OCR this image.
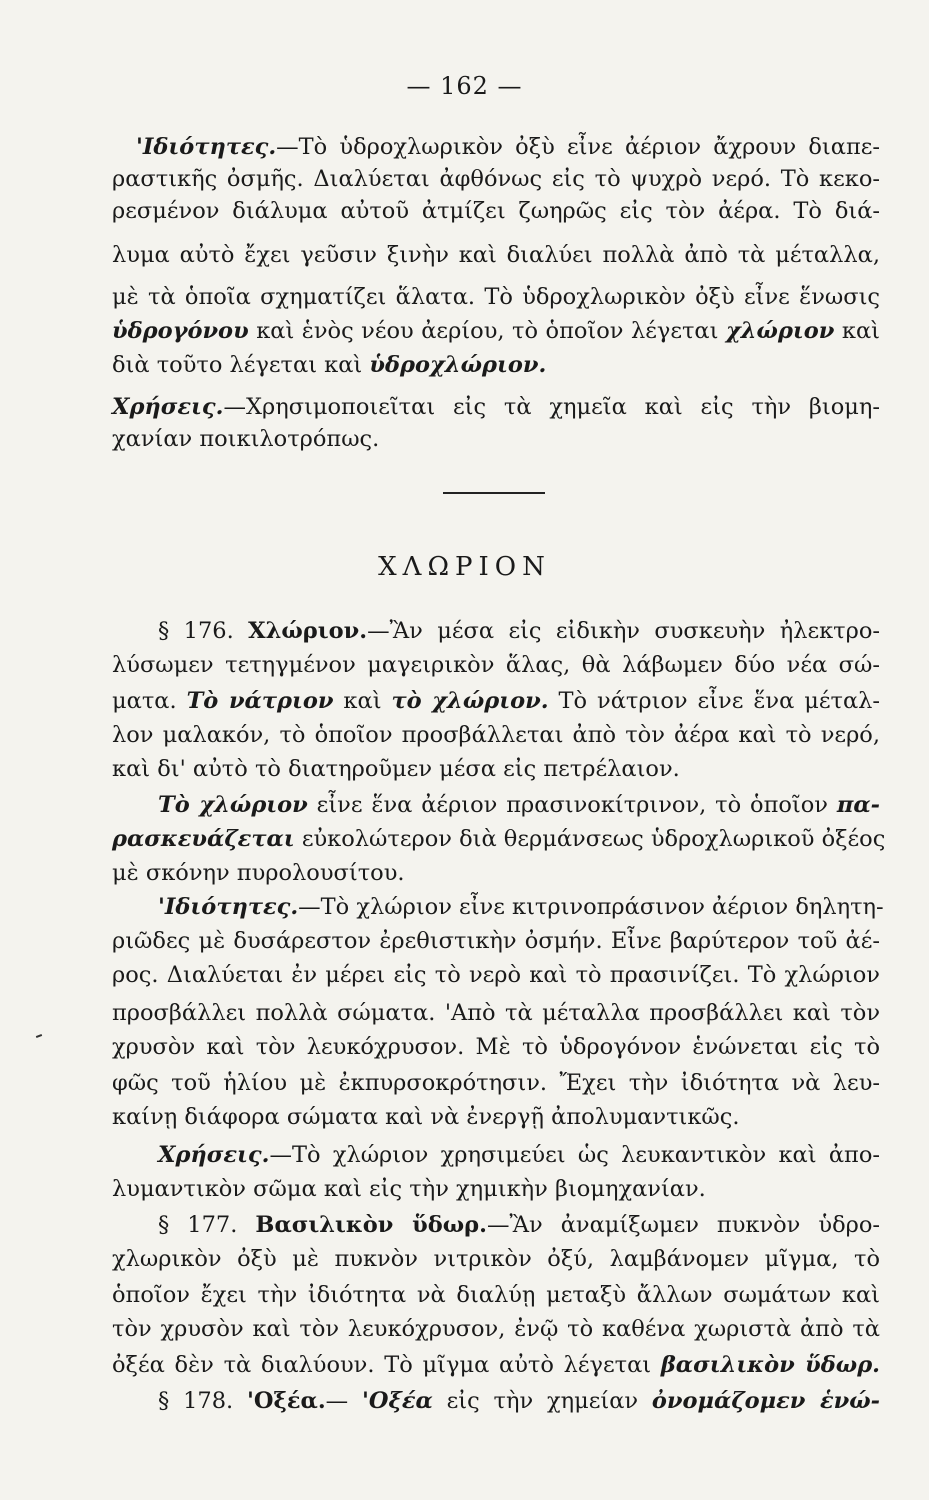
— 162 —
'Ιδιότητες.—Τὸ ὑδροχλωρικὸν ὀξὺ εἶνε ἀέριον ἄχρουν διαπε-
ραστικῆς ὀσμῆς. Διαλύεται ἀφθόνως εἰς τὸ ψυχρὸ νερό. Τὸ κεκο-
ρεσμένον διάλυμα αὐτοῦ ἀτμίζει ζωηρῶς εἰς τὸν ἀέρα. Τὸ διά-
λυμα αὐτὸ ἔχει γεῦσιν ξινὴν καὶ διαλύει πολλὰ ἀπὸ τὰ μέταλλα,
μὲ τὰ ὁποῖα σχηματίζει ἅλατα. Τὸ ὑδροχλωρικὸν ὀξὺ εἶνε ἕνωσις
ὑδρογόνου καὶ ἑνὸς νέου ἀερίου, τὸ ὁποῖον λέγεται χλώριον καὶ
διὰ τοῦτο λέγεται καὶ ὑδροχλώριον.
Χρήσεις.—Χρησιμοποιεῖται εἰς τὰ χημεῖα καὶ εἰς τὴν βιομη-
χανίαν ποικιλοτρόπως.
ΧΛΩΡΙΟΝ
§ 176. Χλώριον.—Ἂν μέσα εἰς εἰδικὴν συσκευὴν ἠλεκτρο-
λύσωμεν τετηγμένον μαγειρικὸν ἅλας, θὰ λάβωμεν δύο νέα σώ-
ματα. Τὸ νάτριον καὶ τὸ χλώριον. Τὸ νάτριον εἶνε ἕνα μέταλ-
λον μαλακόν, τὸ ὁποῖον προσβάλλεται ἀπὸ τὸν ἀέρα καὶ τὸ νερό,
καὶ δι' αὐτὸ τὸ διατηροῦμεν μέσα εἰς πετρέλαιον.
Τὸ χλώριον εἶνε ἕνα ἀέριον πρασινοκίτρινον, τὸ ὁποῖον πα-
ρασκευάζεται εὐκολώτερον διὰ θερμάνσεως ὑδροχλωρικοῦ ὀξέος
μὲ σκόνην πυρολουσίτου.
'Ιδιότητες.—Τὸ χλώριον εἶνε κιτρινοπράσινον ἀέριον δηλητη-
ριῶδες μὲ δυσάρεστον ἐρεθιστικὴν ὀσμήν. Εἶνε βαρύτερον τοῦ ἀέ-
ρος. Διαλύεται ἐν μέρει εἰς τὸ νερὸ καὶ τὸ πρασινίζει. Τὸ χλώριον
προσβάλλει πολλὰ σώματα. 'Απὸ τὰ μέταλλα προσβάλλει καὶ τὸν
χρυσὸν καὶ τὸν λευκόχρυσον. Μὲ τὸ ὑδρογόνον ἑνώνεται εἰς τὸ
φῶς τοῦ ἡλίου μὲ ἐκπυρσοκρότησιν. Ἔχει τὴν ἰδιότητα νὰ λευ-
καίνῃ διάφορα σώματα καὶ νὰ ἐνεργῇ ἀπολυμαντικῶς.
Χρήσεις.—Τὸ χλώριον χρησιμεύει ὡς λευκαντικὸν καὶ ἀπο-
λυμαντικὸν σῶμα καὶ εἰς τὴν χημικὴν βιομηχανίαν.
§ 177. Βασιλικὸν ὕδωρ.—Ἂν ἀναμίξωμεν πυκνὸν ὑδρο-
χλωρικὸν ὀξὺ μὲ πυκνὸν νιτρικὸν ὀξύ, λαμβάνομεν μῖγμα, τὸ
ὁποῖον ἔχει τὴν ἰδιότητα νὰ διαλύῃ μεταξὺ ἄλλων σωμάτων καὶ
τὸν χρυσὸν καὶ τὸν λευκόχρυσον, ἐνῷ τὸ καθένα χωριστὰ ἀπὸ τὰ
ὀξέα δὲν τὰ διαλύουν. Τὸ μῖγμα αὐτὸ λέγεται βασιλικὸν ὕδωρ.
§ 178. 'Οξέα.— 'Οξέα εἰς τὴν χημείαν ὀνομάζομεν ἑνώ-
